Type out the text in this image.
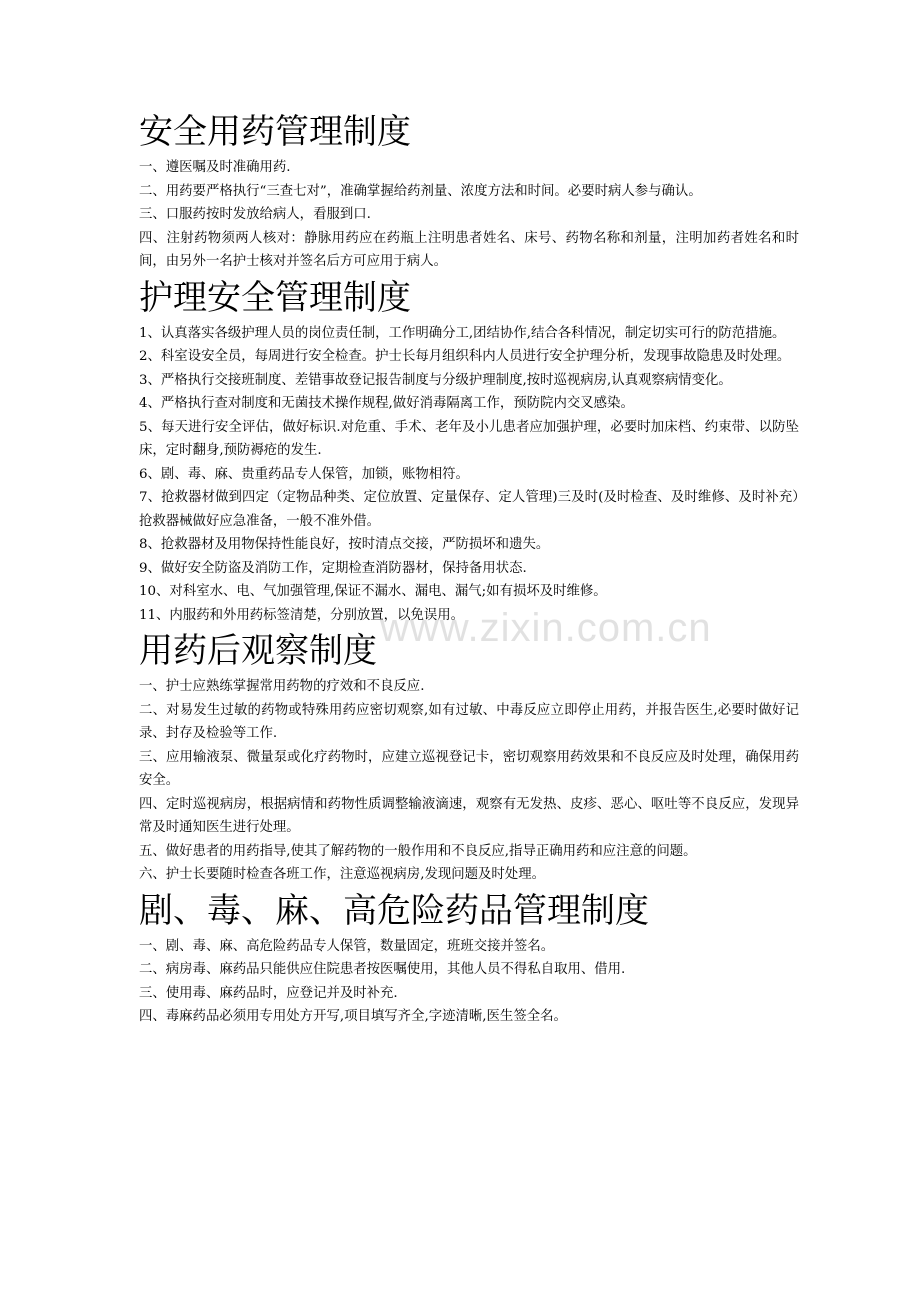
安全用药管理制度

一、遵医嘱及时准确用药.

二、用药要严格执行“三查七对”，准确掌握给药剂量、浓度方法和时间。必要时病人参与确认。

三、口服药按时发放给病人，看服到口.

四、注射药物须两人核对：静脉用药应在药瓶上注明患者姓名、床号、药物名称和剂量，注明加药者姓名和时间，由另外一名护士核对并签名后方可应用于病人。

护理安全管理制度

1、认真落实各级护理人员的岗位责任制，工作明确分工,团结协作,结合各科情况，制定切实可行的防范措施。

2、科室设安全员，每周进行安全检查。护士长每月组织科内人员进行安全护理分析，发现事故隐患及时处理。

3、严格执行交接班制度、差错事故登记报告制度与分级护理制度,按时巡视病房,认真观察病情变化。

4、严格执行查对制度和无菌技术操作规程,做好消毒隔离工作，预防院内交叉感染。

5、每天进行安全评估，做好标识.对危重、手术、老年及小儿患者应加强护理，必要时加床档、约束带、以防坠床，定时翻身,预防褥疮的发生.

6、剧、毒、麻、贵重药品专人保管，加锁，账物相符。

7、抢救器材做到四定（定物品种类、定位放置、定量保存、定人管理)三及时(及时检查、及时维修、及时补充）抢救器械做好应急准备，一般不准外借。

8、抢救器材及用物保持性能良好，按时清点交接，严防损坏和遗失。

9、做好安全防盗及消防工作，定期检查消防器材，保持备用状态.

10、对科室水、电、气加强管理,保证不漏水、漏电、漏气;如有损坏及时维修。

11、内服药和外用药标签清楚，分别放置，以免误用。

用药后观察制度

一、护士应熟练掌握常用药物的疗效和不良反应.

二、对易发生过敏的药物或特殊用药应密切观察,如有过敏、中毒反应立即停止用药，并报告医生,必要时做好记录、封存及检验等工作.

三、应用输液泵、微量泵或化疗药物时，应建立巡视登记卡，密切观察用药效果和不良反应及时处理，确保用药安全。

四、定时巡视病房，根据病情和药物性质调整输液滴速，观察有无发热、皮疹、恶心、呕吐等不良反应，发现异常及时通知医生进行处理。

五、做好患者的用药指导,使其了解药物的一般作用和不良反应,指导正确用药和应注意的问题。

六、护士长要随时检查各班工作，注意巡视病房,发现问题及时处理。

剧、毒、麻、高危险药品管理制度

一、剧、毒、麻、高危险药品专人保管，数量固定，班班交接并签名。

二、病房毒、麻药品只能供应住院患者按医嘱使用，其他人员不得私自取用、借用.

三、使用毒、麻药品时，应登记并及时补充.

四、毒麻药品必须用专用处方开写,项目填写齐全,字迹清晰,医生签全名。

www.zixin.com.cn
